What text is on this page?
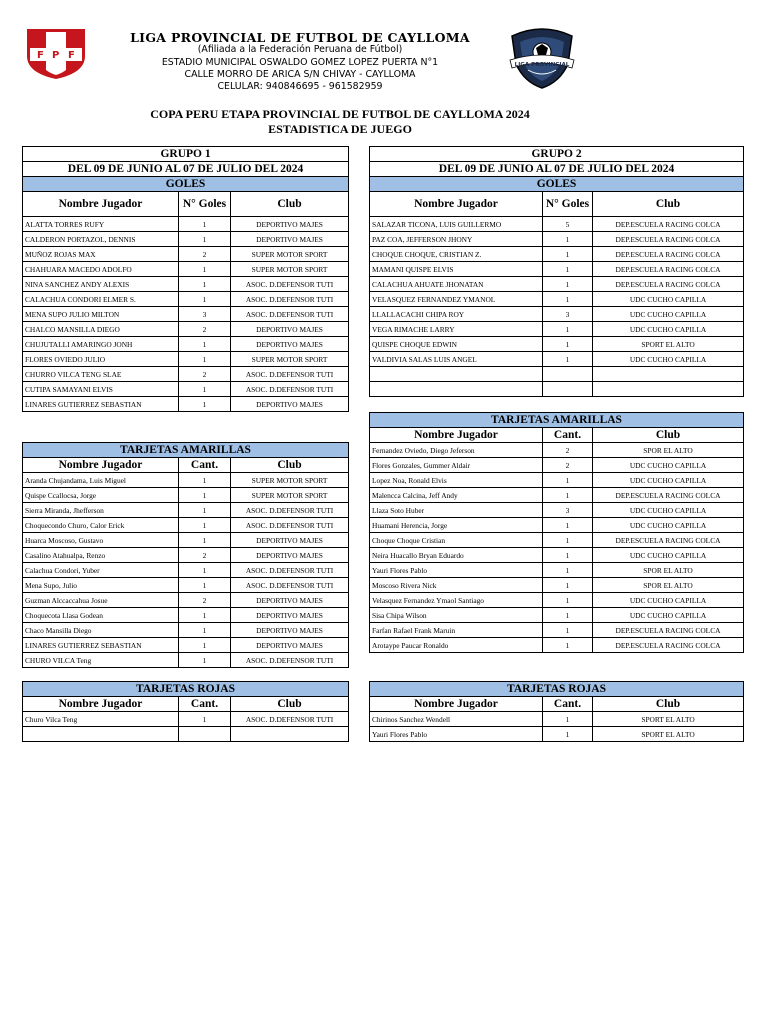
F P F
LIGA PROVINCIAL DE FUTBOL DE CAYLLOMA
(Afiliada a la Federación Peruana de Fútbol)
ESTADIO MUNICIPAL OSWALDO GOMEZ LOPEZ PUERTA N°1
CALLE MORRO DE ARICA S/N CHIVAY - CAYLLOMA
CELULAR: 940846695 - 961582959
LIGA PROVINCIAL
COPA PERU ETAPA PROVINCIAL DE FUTBOL DE CAYLLOMA 2024
ESTADISTICA DE JUEGO
GRUPO 1		
DEL 09 DE JUNIO AL 07 DE JULIO DEL 2024		
GOLES		
Nombre Jugador	N° Goles	Club
ALATTA TORRES RUFY	1	DEPORTIVO MAJES
CALDERON PORTAZOL, DENNIS	1	DEPORTIVO MAJES
MUÑOZ ROJAS MAX	2	SUPER MOTOR SPORT
CHAHUARA MACEDO ADOLFO	1	SUPER MOTOR SPORT
NINA SANCHEZ ANDY ALEXIS	1	ASOC. D.DEFENSOR TUTI
CALACHUA CONDORI ELMER S.	1	ASOC. D.DEFENSOR TUTI
MENA SUPO JULIO MILTON	3	ASOC. D.DEFENSOR TUTI
CHALCO MANSILLA DIEGO	2	DEPORTIVO MAJES
CHUJUTALLI AMARINGO JONH	1	DEPORTIVO MAJES
FLORES OVIEDO JULIO	1	SUPER MOTOR SPORT
CHURRO VILCA TENG SLAE	2	ASOC. D.DEFENSOR TUTI
CUTIPA SAMAYANI ELVIS	1	ASOC. D.DEFENSOR TUTI
LINARES GUTIERREZ SEBASTIAN	1	DEPORTIVO MAJES
GRUPO 2		
DEL 09 DE JUNIO AL 07 DE JULIO DEL 2024		
GOLES		
Nombre Jugador	N° Goles	Club
SALAZAR TICONA, LUIS GUILLERMO	5	DEP.ESCUELA RACING COLCA
PAZ COA, JEFFERSON JHONY	1	DEP.ESCUELA RACING COLCA
CHOQUE CHOQUE, CRISTIAN Z.	1	DEP.ESCUELA RACING COLCA
MAMANI QUISPE ELVIS	1	DEP.ESCUELA RACING COLCA
CALACHUA AHUATE JHONATAN	1	DEP.ESCUELA RACING COLCA
VELASQUEZ FERNANDEZ YMANOL	1	UDC CUCHO CAPILLA
LLALLACACHI CHIPA ROY	3	UDC CUCHO CAPILLA
VEGA RIMACHE LARRY	1	UDC CUCHO CAPILLA
QUISPE CHOQUE EDWIN	1	SPORT EL ALTO
VALDIVIA SALAS LUIS ANGEL	1	UDC CUCHO CAPILLA

TARJETAS AMARILLAS		
Nombre Jugador	Cant.	Club
Fernandez Oviedo, Diego Jeferson	2	SPOR EL ALTO
Flores Gonzales, Gummer Aldair	2	UDC CUCHO CAPILLA
Lopez Noa, Ronald Elvis	1	UDC CUCHO CAPILLA
Malencca Calcina, Jeff Andy	1	DEP.ESCUELA RACING COLCA
Llaza Soto Huber	3	UDC CUCHO CAPILLA
Huamani Herencia, Jorge	1	UDC CUCHO CAPILLA
Choque Choque Cristian	1	DEP.ESCUELA RACING COLCA
Neira Huacallo Bryan Eduardo	1	UDC CUCHO CAPILLA
Yauri Flores Pablo	1	SPOR EL ALTO
Moscoso Rivera Nick	1	SPOR EL ALTO
Velasquez Fernandez Ymaol Santiago	1	UDC CUCHO CAPILLA
Sisa Chipa Wilson	1	UDC CUCHO CAPILLA
Farfan Rafael Frank Maruin	1	DEP.ESCUELA RACING COLCA
Arotaype Paucar Ronaldo	1	DEP.ESCUELA RACING COLCA
TARJETAS AMARILLAS		
Nombre Jugador	Cant.	Club
Aranda Chujandama, Luis Miguel	1	SUPER MOTOR SPORT
Quispe Ccallocsa, Jorge	1	SUPER MOTOR SPORT
Sierra Miranda, Jhefferson	1	ASOC. D.DEFENSOR TUTI
Choquecondo Churo, Calor Erick	1	ASOC. D.DEFENSOR TUTI
Huarca Moscoso, Gustavo	1	DEPORTIVO MAJES
Casalino Atahualpa, Renzo	2	DEPORTIVO MAJES
Calachua Condori, Yuber	1	ASOC. D.DEFENSOR TUTI
Mena Supo, Julio	1	ASOC. D.DEFENSOR TUTI
Guzman Alccaccahua Josue	2	DEPORTIVO MAJES
Choquecota Llasa Godean	1	DEPORTIVO MAJES
Chaco Mansilla Diego	1	DEPORTIVO MAJES
LINARES GUTIERREZ SEBASTIAN	1	DEPORTIVO MAJES
CHURO VILCA Teng	1	ASOC. D.DEFENSOR TUTI
TARJETAS ROJAS		
Nombre Jugador	Cant.	Club
Churo Vilca Teng	1	ASOC. D.DEFENSOR TUTI

TARJETAS ROJAS		
Nombre Jugador	Cant.	Club
Chirinos Sanchez Wendell	1	SPORT EL ALTO
Yauri Flores Pablo	1	SPORT EL ALTO
